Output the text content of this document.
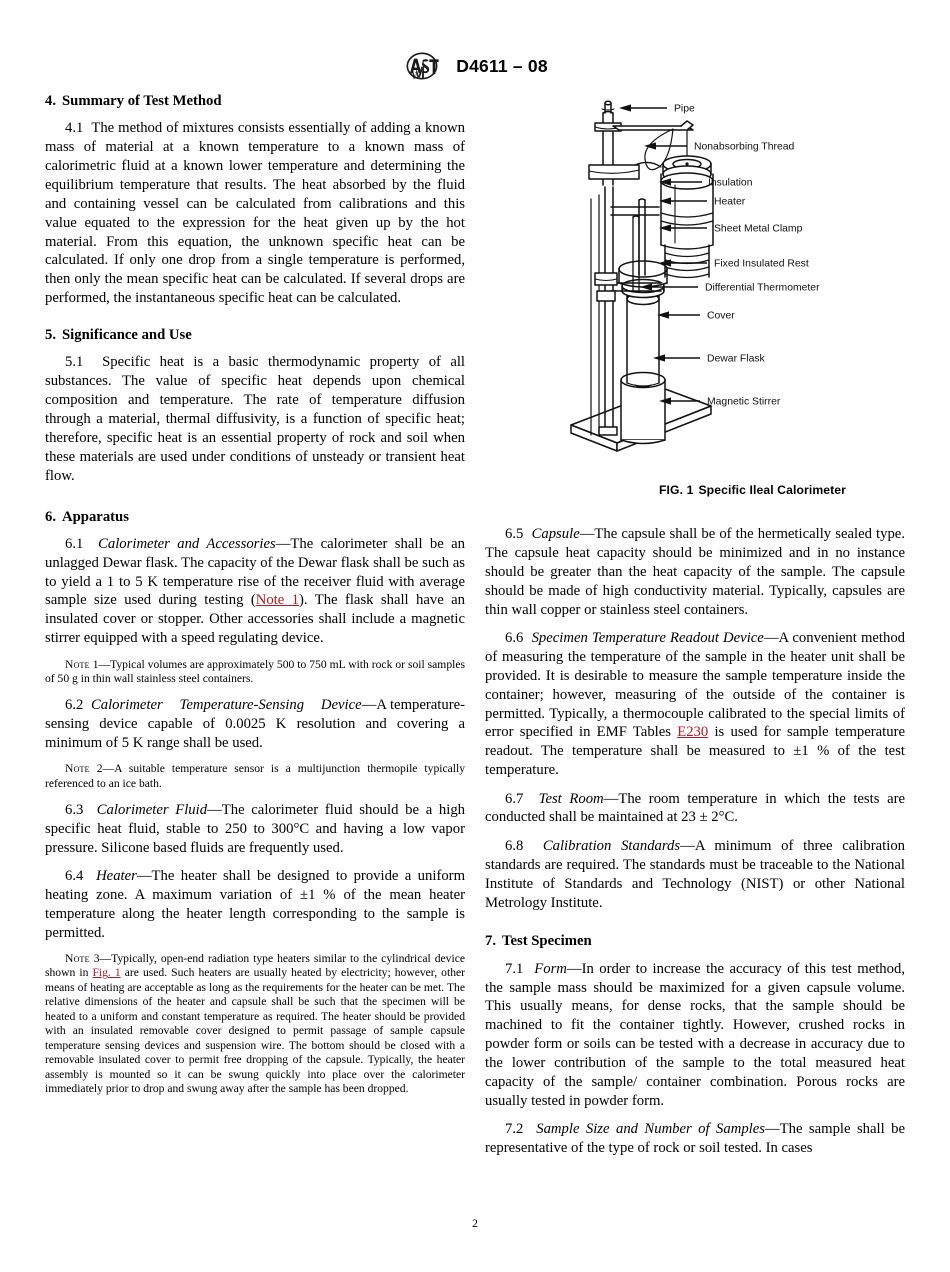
D4611 – 08
4. Summary of Test Method

4.1 The method of mixtures consists essentially of adding a known mass of material at a known temperature to a known mass of calorimetric fluid at a known lower temperature and determining the equilibrium temperature that results. The heat absorbed by the fluid and containing vessel can be calculated from calibrations and this value equated to the expression for the heat given up by the hot material. From this equation, the unknown specific heat can be calculated. If only one drop from a single temperature is performed, then only the mean specific heat can be calculated. If several drops are performed, the instantaneous specific heat can be calculated.

5. Significance and Use

5.1 Specific heat is a basic thermodynamic property of all substances. The value of specific heat depends upon chemical composition and temperature. The rate of temperature diffusion through a material, thermal diffusivity, is a function of specific heat; therefore, specific heat is an essential property of rock and soil when these materials are used under conditions of unsteady or transient heat flow.

6. Apparatus

6.1 Calorimeter and Accessories—The calorimeter shall be an unlagged Dewar flask. The capacity of the Dewar flask shall be such as to yield a 1 to 5 K temperature rise of the receiver fluid with average sample size used during testing (Note 1). The flask shall have an insulated cover or stopper. Other accessories shall include a magnetic stirrer equipped with a speed regulating device.

Note 1—Typical volumes are approximately 500 to 750 mL with rock or soil samples of 50 g in thin wall stainless steel containers.

6.2 Calorimeter Temperature-Sensing Device—A temperature-sensing device capable of 0.0025 K resolution and covering a minimum of 5 K range shall be used.

Note 2—A suitable temperature sensor is a multijunction thermopile typically referenced to an ice bath.

6.3 Calorimeter Fluid—The calorimeter fluid should be a high specific heat fluid, stable to 250 to 300°C and having a low vapor pressure. Silicone based fluids are frequently used.

6.4 Heater—The heater shall be designed to provide a uniform heating zone. A maximum variation of ±1 % of the mean heater temperature along the heater length corresponding to the sample is permitted.

Note 3—Typically, open-end radiation type heaters similar to the cylindrical device shown in Fig. 1 are used. Such heaters are usually heated by electricity; however, other means of heating are acceptable as long as the requirements for the heater can be met. The relative dimensions of the heater and capsule shall be such that the specimen will be heated to a uniform and constant temperature as required. The heater should be provided with an insulated removable cover designed to permit passage of sample capsule temperature sensing devices and suspension wire. The bottom should be closed with a removable insulated cover to permit free dropping of the capsule. Typically, the heater assembly is mounted so it can be swung quickly into place over the calorimeter immediately prior to drop and swung away after the sample has been dropped.

Pipe
Nonabsorbing Thread
Insulation
Heater
Sheet Metal Clamp
Fixed Insulated Rest
Differential Thermometer
Cover
Dewar Flask
Magnetic Stirrer
FIG. 1 Specific Ileal Calorimeter

6.5 Capsule—The capsule shall be of the hermetically sealed type. The capsule heat capacity should be minimized and in no instance should be greater than the heat capacity of the sample. The capsule should be made of high conductivity material. Typically, capsules are thin wall copper or stainless steel containers.

6.6 Specimen Temperature Readout Device—A convenient method of measuring the temperature of the sample in the heater unit shall be provided. It is desirable to measure the sample temperature inside the container; however, measuring of the outside of the container is permitted. Typically, a thermocouple calibrated to the special limits of error specified in EMF Tables E230 is used for sample temperature readout. The temperature shall be measured to ±1 % of the test temperature.

6.7 Test Room—The room temperature in which the tests are conducted shall be maintained at 23 ± 2°C.

6.8 Calibration Standards—A minimum of three calibration standards are required. The standards must be traceable to the National Institute of Standards and Technology (NIST) or other National Metrology Institute.

7. Test Specimen

7.1 Form—In order to increase the accuracy of this test method, the sample mass should be maximized for a given capsule volume. This usually means, for dense rocks, that the sample should be machined to fit the container tightly. However, crushed rocks in powder form or soils can be tested with a decrease in accuracy due to the lower contribution of the sample to the total measured heat capacity of the sample/ container combination. Porous rocks are usually tested in powder form.

7.2 Sample Size and Number of Samples—The sample shall be representative of the type of rock or soil tested. In cases

2
